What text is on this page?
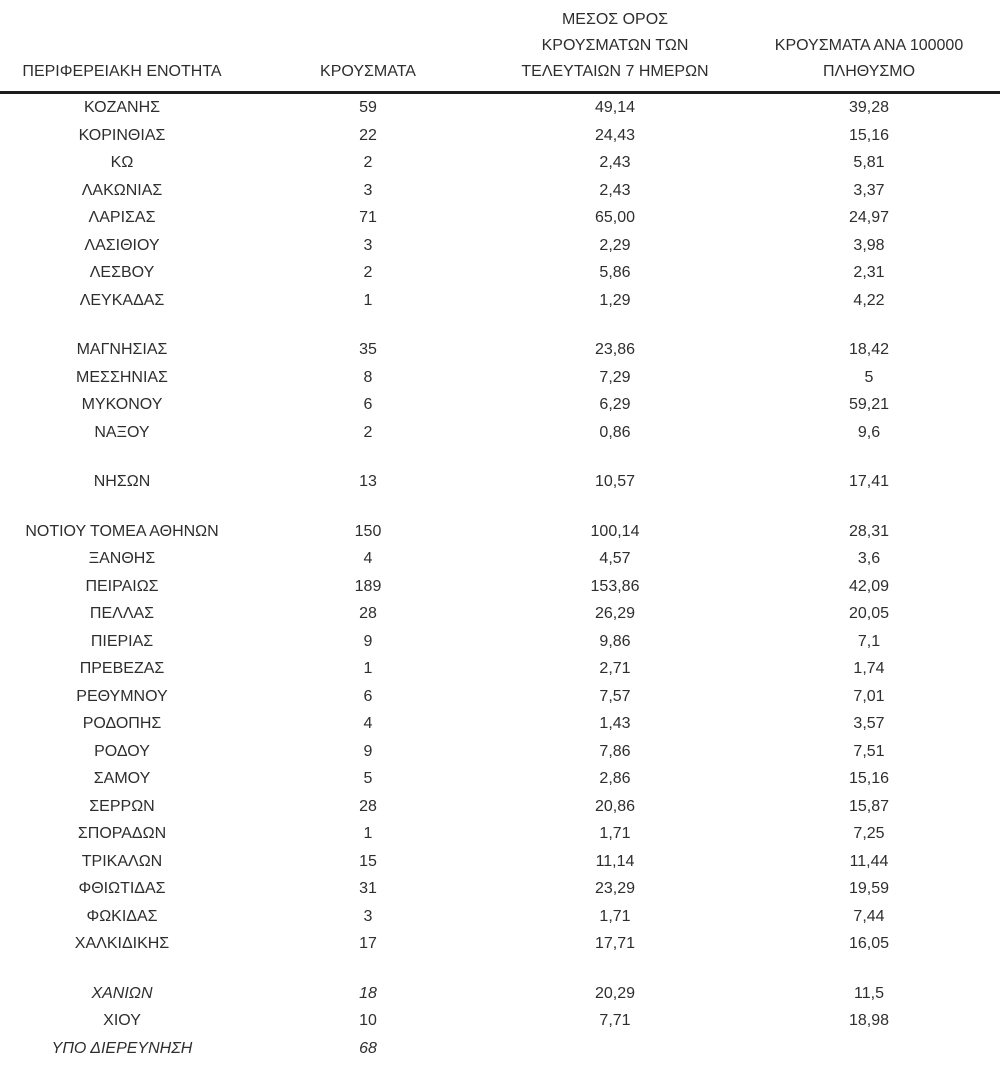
ΠΕΡΙΦΕΡΕΙΑΚΗ ΕΝΟΤΗΤΑ	ΚΡΟΥΣΜΑΤΑ	ΜΕΣΟΣ ΟΡΟΣ
ΚΡΟΥΣΜΑΤΩΝ ΤΩΝ
ΤΕΛΕΥΤΑΙΩΝ 7 ΗΜΕΡΩΝ	ΚΡΟΥΣΜΑΤΑ ΑΝΑ 100000
ΠΛΗΘΥΣΜΟ

ΚΟΖΑΝΗΣ	59	49,14	39,28
ΚΟΡΙΝΘΙΑΣ	22	24,43	15,16
ΚΩ	2	2,43	5,81
ΛΑΚΩΝΙΑΣ	3	2,43	3,37
ΛΑΡΙΣΑΣ	71	65,00	24,97
ΛΑΣΙΘΙΟΥ	3	2,29	3,98
ΛΕΣΒΟΥ	2	5,86	2,31
ΛΕΥΚΑΔΑΣ	1	1,29	4,22

ΜΑΓΝΗΣΙΑΣ	35	23,86	18,42
ΜΕΣΣΗΝΙΑΣ	8	7,29	5
ΜΥΚΟΝΟΥ	6	6,29	59,21
ΝΑΞΟΥ	2	0,86	9,6

ΝΗΣΩΝ	13	10,57	17,41

ΝΟΤΙΟΥ ΤΟΜΕΑ ΑΘΗΝΩΝ	150	100,14	28,31
ΞΑΝΘΗΣ	4	4,57	3,6
ΠΕΙΡΑΙΩΣ	189	153,86	42,09
ΠΕΛΛΑΣ	28	26,29	20,05
ΠΙΕΡΙΑΣ	9	9,86	7,1
ΠΡΕΒΕΖΑΣ	1	2,71	1,74
ΡΕΘΥΜΝΟΥ	6	7,57	7,01
ΡΟΔΟΠΗΣ	4	1,43	3,57
ΡΟΔΟΥ	9	7,86	7,51
ΣΑΜΟΥ	5	2,86	15,16
ΣΕΡΡΩΝ	28	20,86	15,87
ΣΠΟΡΑΔΩΝ	1	1,71	7,25
ΤΡΙΚΑΛΩΝ	15	11,14	11,44
ΦΘΙΩΤΙΔΑΣ	31	23,29	19,59
ΦΩΚΙΔΑΣ	3	1,71	7,44
ΧΑΛΚΙΔΙΚΗΣ	17	17,71	16,05

ΧΑΝΙΩΝ	18	20,29	11,5
ΧΙΟΥ	10	7,71	18,98
ΥΠΟ ΔΙΕΡΕΥΝΗΣΗ	68		
